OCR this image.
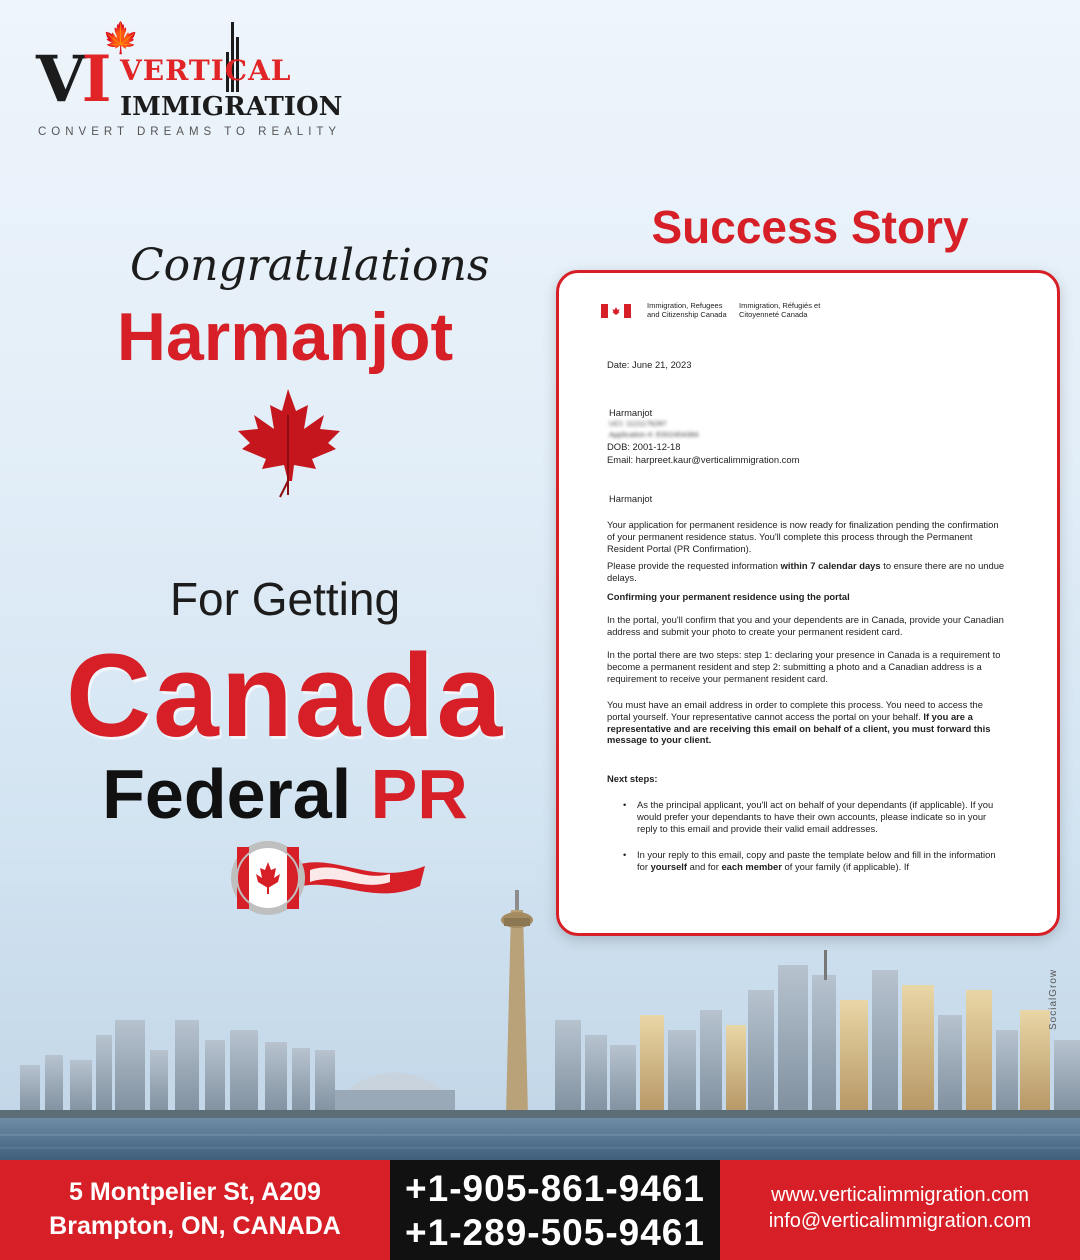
🍁
VI VERTICAL
IMMIGRATION
CONVERT DREAMS TO REALITY
Congratulations
Harmanjot
For Getting
Canada
Federal PR
Success Story
Immigration, Refugees and Citizenship Canada
Immigration, Réfugiés et Citoyenneté Canada
Date: June 21, 2023
Harmanjot
UCI: 1121176287
Application #: E002454384
DOB: 2001-12-18
Email: harpreet.kaur@verticalimmigration.com
Harmanjot
Your application for permanent residence is now ready for finalization pending the confirmation of your permanent residence status. You'll complete this process through the Permanent Resident Portal (PR Confirmation).
Please provide the requested information within 7 calendar days to ensure there are no undue delays.
Confirming your permanent residence using the portal
In the portal, you'll confirm that you and your dependents are in Canada, provide your Canadian address and submit your photo to create your permanent resident card.
In the portal there are two steps: step 1: declaring your presence in Canada is a requirement to become a permanent resident and step 2: submitting a photo and a Canadian address is a requirement to receive your permanent resident card.
You must have an email address in order to complete this process. You need to access the portal yourself. Your representative cannot access the portal on your behalf. If you are a representative and are receiving this email on behalf of a client, you must forward this message to your client.
Next steps:
• As the principal applicant, you'll act on behalf of your dependants (if applicable). If you would prefer your dependants to have their own accounts, please indicate so in your reply to this email and provide their valid email addresses.
• In your reply to this email, copy and paste the template below and fill in the information for yourself and for each member of your family (if applicable). If
SocialGrow
5 Montpelier St, A209
Brampton, ON, CANADA
+1-905-861-9461
+1-289-505-9461
www.verticalimmigration.com
info@verticalimmigration.com
